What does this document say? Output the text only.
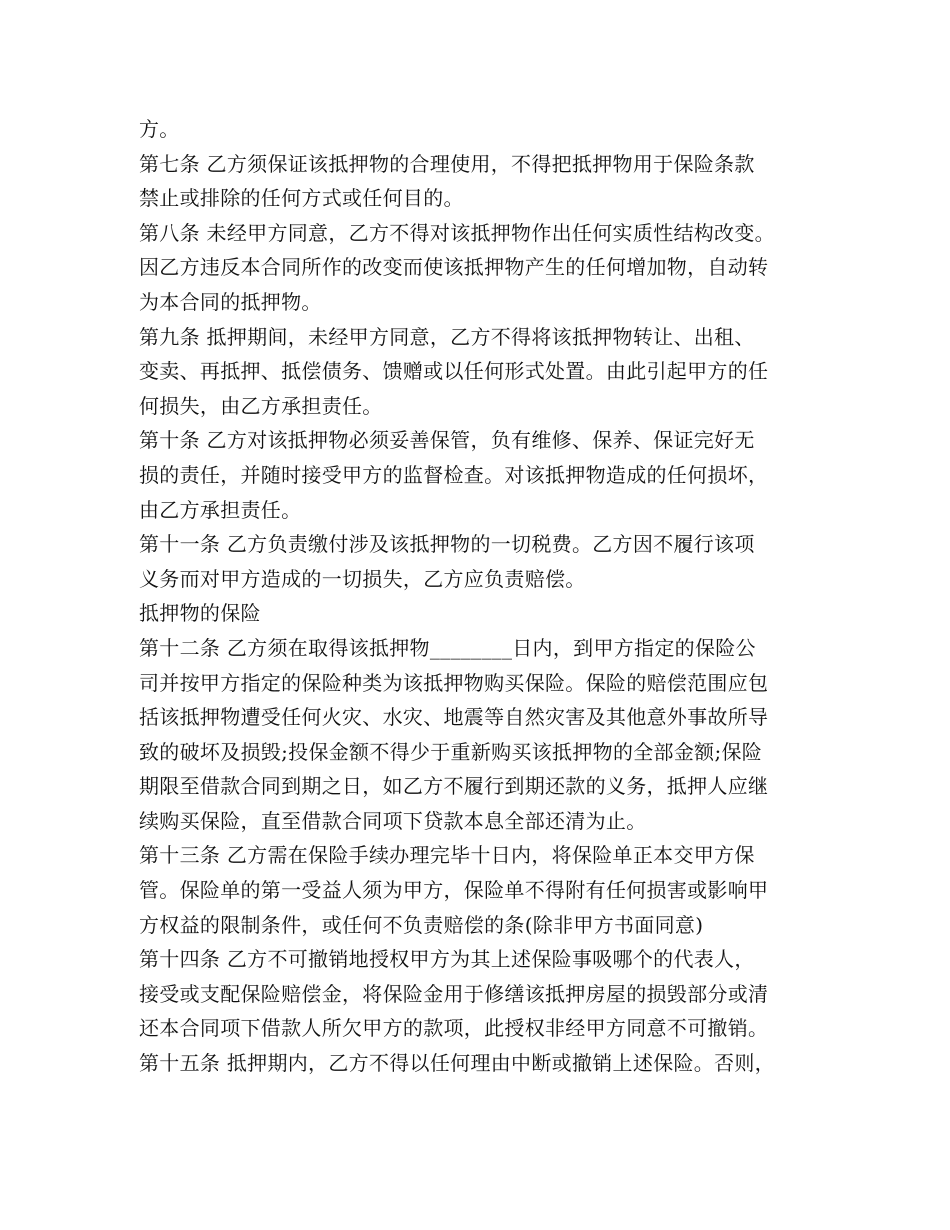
方。
第七条 乙方须保证该抵押物的合理使用，不得把抵押物用于保险条款
禁止或排除的任何方式或任何目的。
第八条 未经甲方同意，乙方不得对该抵押物作出任何实质性结构改变。
因乙方违反本合同所作的改变而使该抵押物产生的任何增加物，自动转
为本合同的抵押物。
第九条 抵押期间，未经甲方同意，乙方不得将该抵押物转让、出租、
变卖、再抵押、抵偿债务、馈赠或以任何形式处置。由此引起甲方的任
何损失，由乙方承担责任。
第十条 乙方对该抵押物必须妥善保管，负有维修、保养、保证完好无
损的责任，并随时接受甲方的监督检查。对该抵押物造成的任何损坏，
由乙方承担责任。
第十一条 乙方负责缴付涉及该抵押物的一切税费。乙方因不履行该项
义务而对甲方造成的一切损失，乙方应负责赔偿。
抵押物的保险
第十二条 乙方须在取得该抵押物________日内，到甲方指定的保险公
司并按甲方指定的保险种类为该抵押物购买保险。保险的赔偿范围应包
括该抵押物遭受任何火灾、水灾、地震等自然灾害及其他意外事故所导
致的破坏及损毁;投保金额不得少于重新购买该抵押物的全部金额;保险
期限至借款合同到期之日，如乙方不履行到期还款的义务，抵押人应继
续购买保险，直至借款合同项下贷款本息全部还清为止。
第十三条 乙方需在保险手续办理完毕十日内，将保险单正本交甲方保
管。保险单的第一受益人须为甲方，保险单不得附有任何损害或影响甲
方权益的限制条件，或任何不负责赔偿的条(除非甲方书面同意)
第十四条 乙方不可撤销地授权甲方为其上述保险事吸哪个的代表人，
接受或支配保险赔偿金，将保险金用于修缮该抵押房屋的损毁部分或清
还本合同项下借款人所欠甲方的款项，此授权非经甲方同意不可撤销。
第十五条 抵押期内，乙方不得以任何理由中断或撤销上述保险。否则，
